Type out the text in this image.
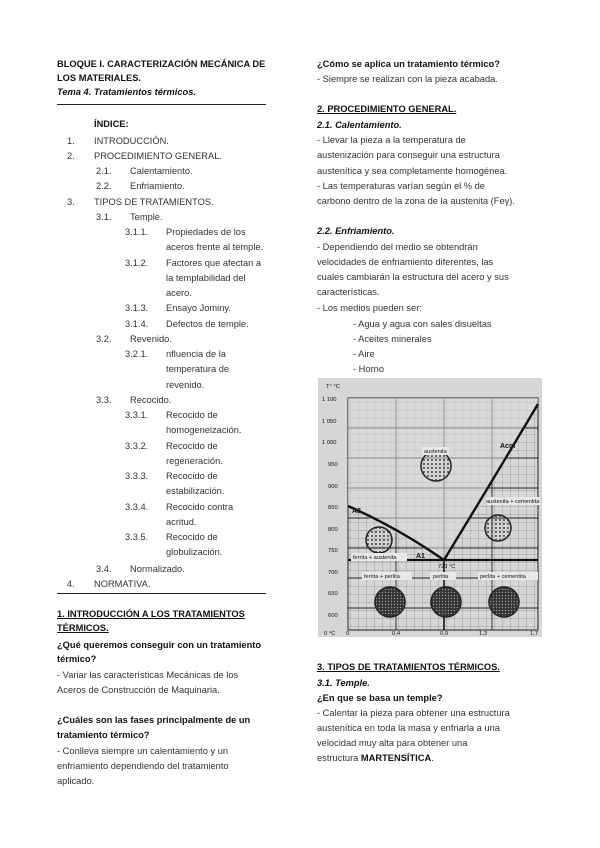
BLOQUE I. CARACTERIZACIÓN MECÁNICA DE
LOS MATERIALES.
Tema 4. Tratamientos térmicos.
ÍNDICE:
1. INTRODUCCIÓN.
2. PROCEDIMIENTO GENERAL.
2.1. Calentamiento.
2.2. Enfriamiento.
3. TIPOS DE TRATAMIENTOS.
3.1. Temple.
3.1.1. Propiedades de los
aceros frente al temple.
3.1.2. Factores que afectan a
la templabilidad del
acero.
3.1.3. Ensayo Jominy.
3.1.4. Defectos de temple.
3.2. Revenido.
3.2.1. nfluencia de la
temperatura de
revenido.
3.3. Recocido.
3.3.1. Recocido de
homogeneización.
3.3.2. Recocido de
regeneración.
3.3.3. Recocido de
estabilización.
3.3.4. Recocido contra
acritud.
3.3.5. Recocido de
globulización.
3.4. Normalizado.
4. NORMATIVA.
1. INTRODUCCIÓN A LOS TRATAMIENTOS
TÉRMICOS.
¿Qué queremos conseguir con un tratamiento
térmico?
- Variar las características Mecánicas de los
Aceros de Construcción de Maquinaria.
¿Cuáles son las fases principalmente de un
tratamiento térmico?
- Conlleva siempre un calentamiento y un
enfriamiento dependiendo del tratamiento
aplicado.
¿Cómo se aplica un tratamiento térmico?
- Siempre se realizan con la pieza acabada.
2. PROCEDIMIENTO GENERAL.
2.1. Calentamiento.
- Llevar la pieza a la temperatura de
austenización para conseguir una estructura
austenítica y sea completamente homogénea.
- Las temperaturas varían según el % de
carbono dentro de la zona de la austenita (Feγ).
2.2. Enfriamiento.
- Dependiendo del medio se obtendrán
velocidades de enfriamiento diferentes, las
cuales cambiarán la estructura del acero y sus
características.
- Los medios pueden ser:
- Agua y agua con sales disueltas
- Aceites minerales
- Aire
- Horno
T° °C
1 100
1 050
1 000
950
900
850
800
750
700
650
600
0 °C 0	0,4	0,9	1,3	1,7
austenita
Acm
A3
A1
723 °C
austenita + cementita
ferrita + austenita
ferrita + perlita	perlita	perlita + cementita
3. TIPOS DE TRATAMIENTOS TÉRMICOS.
3.1. Temple.
¿En que se basa un temple?
- Calentar la pieza para obtener una estructura
austenítica en toda la masa y enfriarla a una
velocidad muy alta para obtener una
estructura MARTENSÍTICA.
